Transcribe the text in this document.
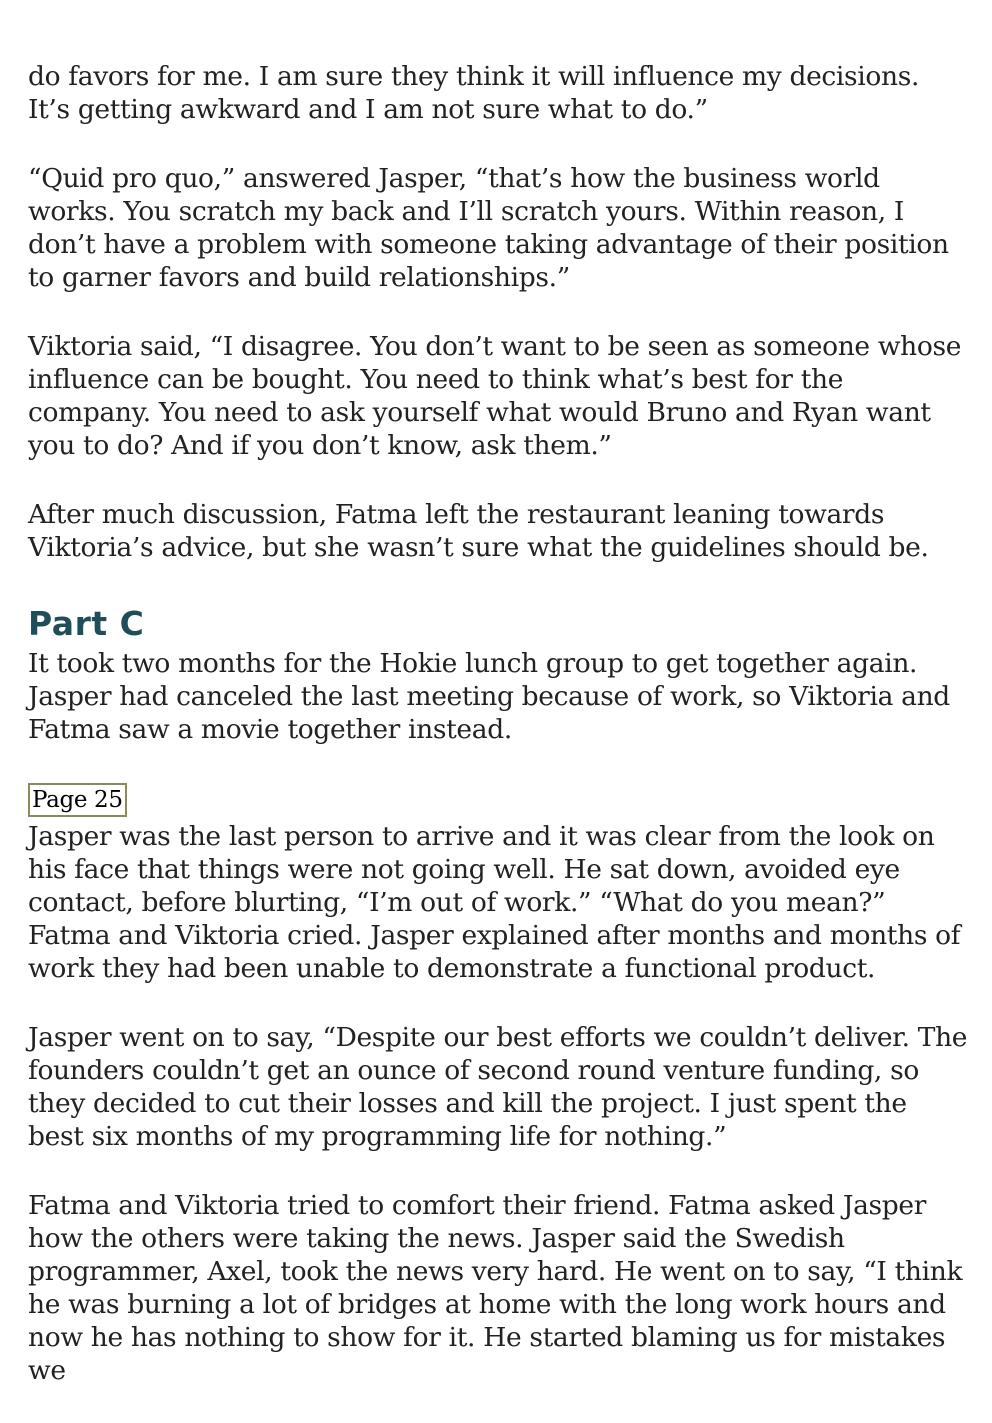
do favors for me. I am sure they think it will influence my decisions. It’s getting awkward and I am not sure what to do.”

“Quid pro quo,” answered Jasper, “that’s how the business world works. You scratch my back and I’ll scratch yours. Within reason, I don’t have a problem with someone taking advantage of their position to garner favors and build relationships.”

Viktoria said, “I disagree. You don’t want to be seen as someone whose influence can be bought. You need to think what’s best for the company. You need to ask yourself what would Bruno and Ryan want you to do? And if you don’t know, ask them.”

After much discussion, Fatma left the restaurant leaning towards Viktoria’s advice, but she wasn’t sure what the guidelines should be.

Part C

It took two months for the Hokie lunch group to get together again. Jasper had canceled the last meeting because of work, so Viktoria and Fatma saw a movie together instead.

Page 25

Jasper was the last person to arrive and it was clear from the look on his face that things were not going well. He sat down, avoided eye contact, before blurting, “I’m out of work.” “What do you mean?” Fatma and Viktoria cried. Jasper explained after months and months of work they had been unable to demonstrate a functional product.

Jasper went on to say, “Despite our best efforts we couldn’t deliver. The founders couldn’t get an ounce of second round venture funding, so they decided to cut their losses and kill the project. I just spent the best six months of my programming life for nothing.”

Fatma and Viktoria tried to comfort their friend. Fatma asked Jasper how the others were taking the news. Jasper said the Swedish programmer, Axel, took the news very hard. He went on to say, “I think he was burning a lot of bridges at home with the long work hours and now he has nothing to show for it. He started blaming us for mistakes we
